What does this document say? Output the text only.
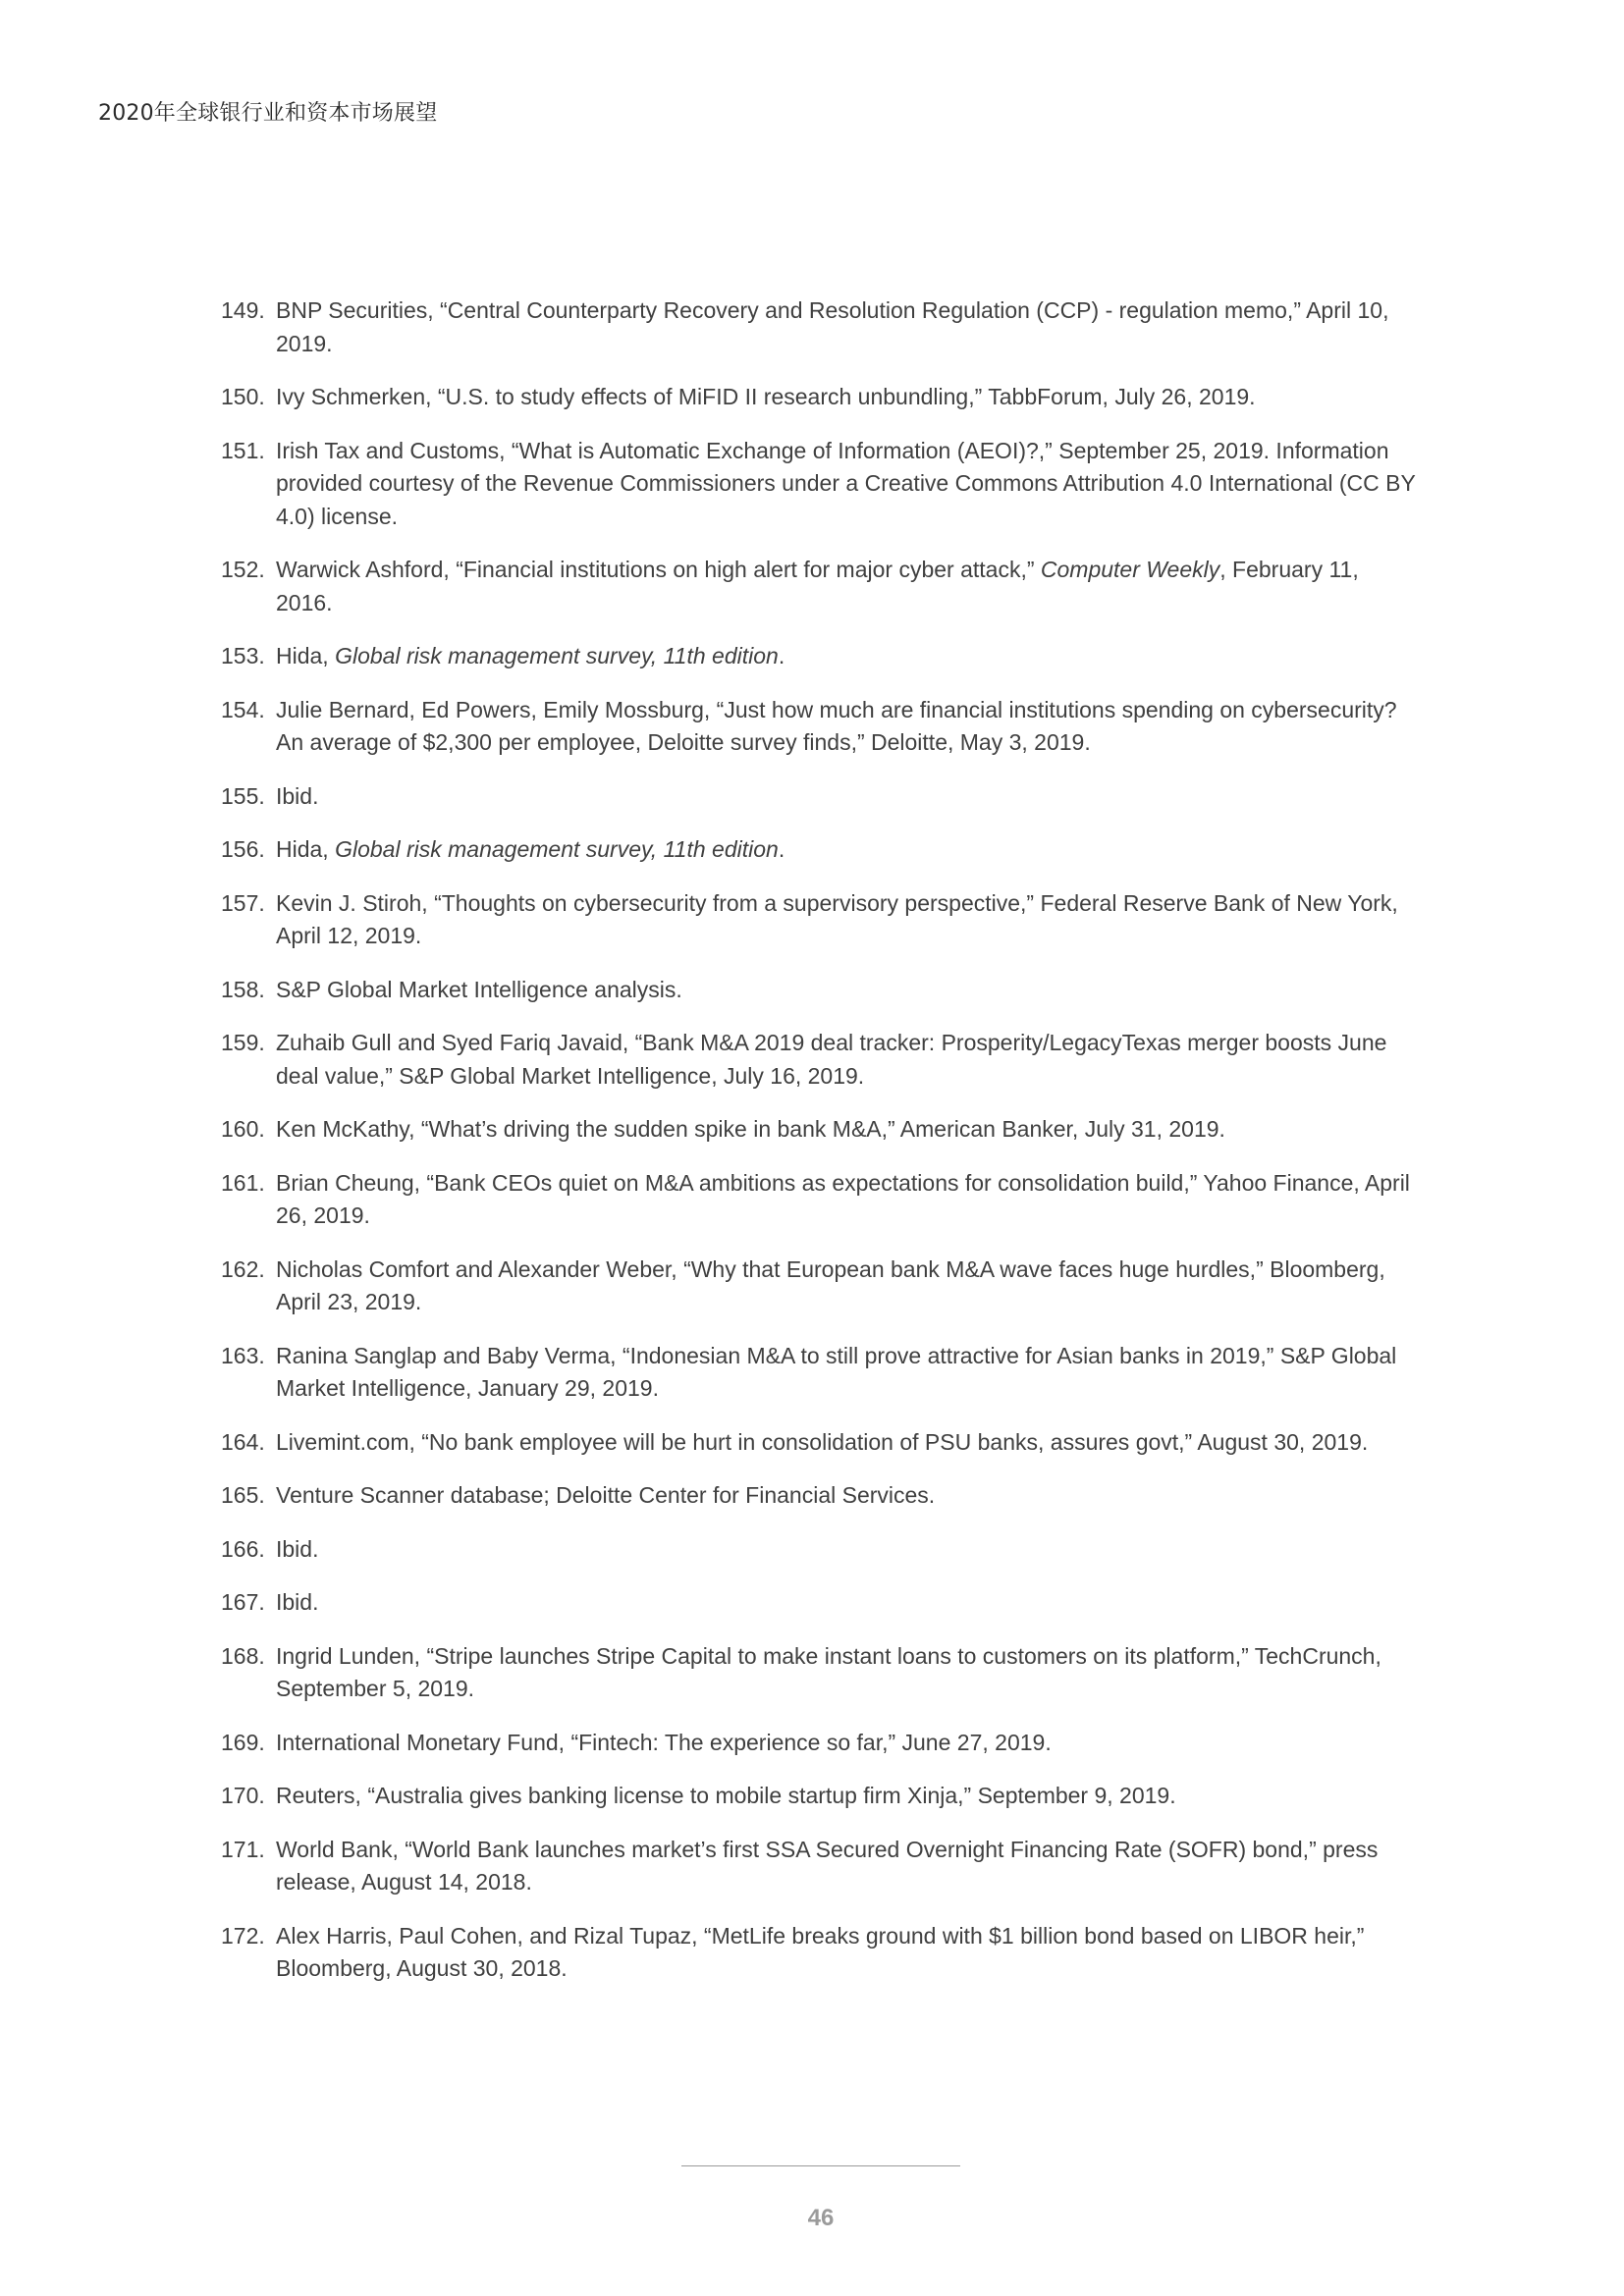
2020年全球银行业和资本市场展望
149. BNP Securities, “Central Counterparty Recovery and Resolution Regulation (CCP) - regulation memo,” April 10, 2019.
150. Ivy Schmerken, “U.S. to study effects of MiFID II research unbundling,” TabbForum, July 26, 2019.
151. Irish Tax and Customs, “What is Automatic Exchange of Information (AEOI)?,” September 25, 2019. Information provided courtesy of the Revenue Commissioners under a Creative Commons Attribution 4.0 International (CC BY 4.0) license.
152. Warwick Ashford, “Financial institutions on high alert for major cyber attack,” Computer Weekly, February 11, 2016.
153. Hida, Global risk management survey, 11th edition.
154. Julie Bernard, Ed Powers, Emily Mossburg, “Just how much are financial institutions spending on cybersecurity? An average of $2,300 per employee, Deloitte survey finds,” Deloitte, May 3, 2019.
155. Ibid.
156. Hida, Global risk management survey, 11th edition.
157. Kevin J. Stiroh, “Thoughts on cybersecurity from a supervisory perspective,” Federal Reserve Bank of New York, April 12, 2019.
158. S&P Global Market Intelligence analysis.
159. Zuhaib Gull and Syed Fariq Javaid, “Bank M&A 2019 deal tracker: Prosperity/LegacyTexas merger boosts June deal value,” S&P Global Market Intelligence, July 16, 2019.
160. Ken McKathy, “What’s driving the sudden spike in bank M&A,” American Banker, July 31, 2019.
161. Brian Cheung, “Bank CEOs quiet on M&A ambitions as expectations for consolidation build,” Yahoo Finance, April 26, 2019.
162. Nicholas Comfort and Alexander Weber, “Why that European bank M&A wave faces huge hurdles,” Bloomberg, April 23, 2019.
163. Ranina Sanglap and Baby Verma, “Indonesian M&A to still prove attractive for Asian banks in 2019,” S&P Global Market Intelligence, January 29, 2019.
164. Livemint.com, “No bank employee will be hurt in consolidation of PSU banks, assures govt,” August 30, 2019.
165. Venture Scanner database; Deloitte Center for Financial Services.
166. Ibid.
167. Ibid.
168. Ingrid Lunden, “Stripe launches Stripe Capital to make instant loans to customers on its platform,” TechCrunch, September 5, 2019.
169. International Monetary Fund, “Fintech: The experience so far,” June 27, 2019.
170. Reuters, “Australia gives banking license to mobile startup firm Xinja,” September 9, 2019.
171. World Bank, “World Bank launches market’s first SSA Secured Overnight Financing Rate (SOFR) bond,” press release, August 14, 2018.
172. Alex Harris, Paul Cohen, and Rizal Tupaz, “MetLife breaks ground with $1 billion bond based on LIBOR heir,” Bloomberg, August 30, 2018.
46
